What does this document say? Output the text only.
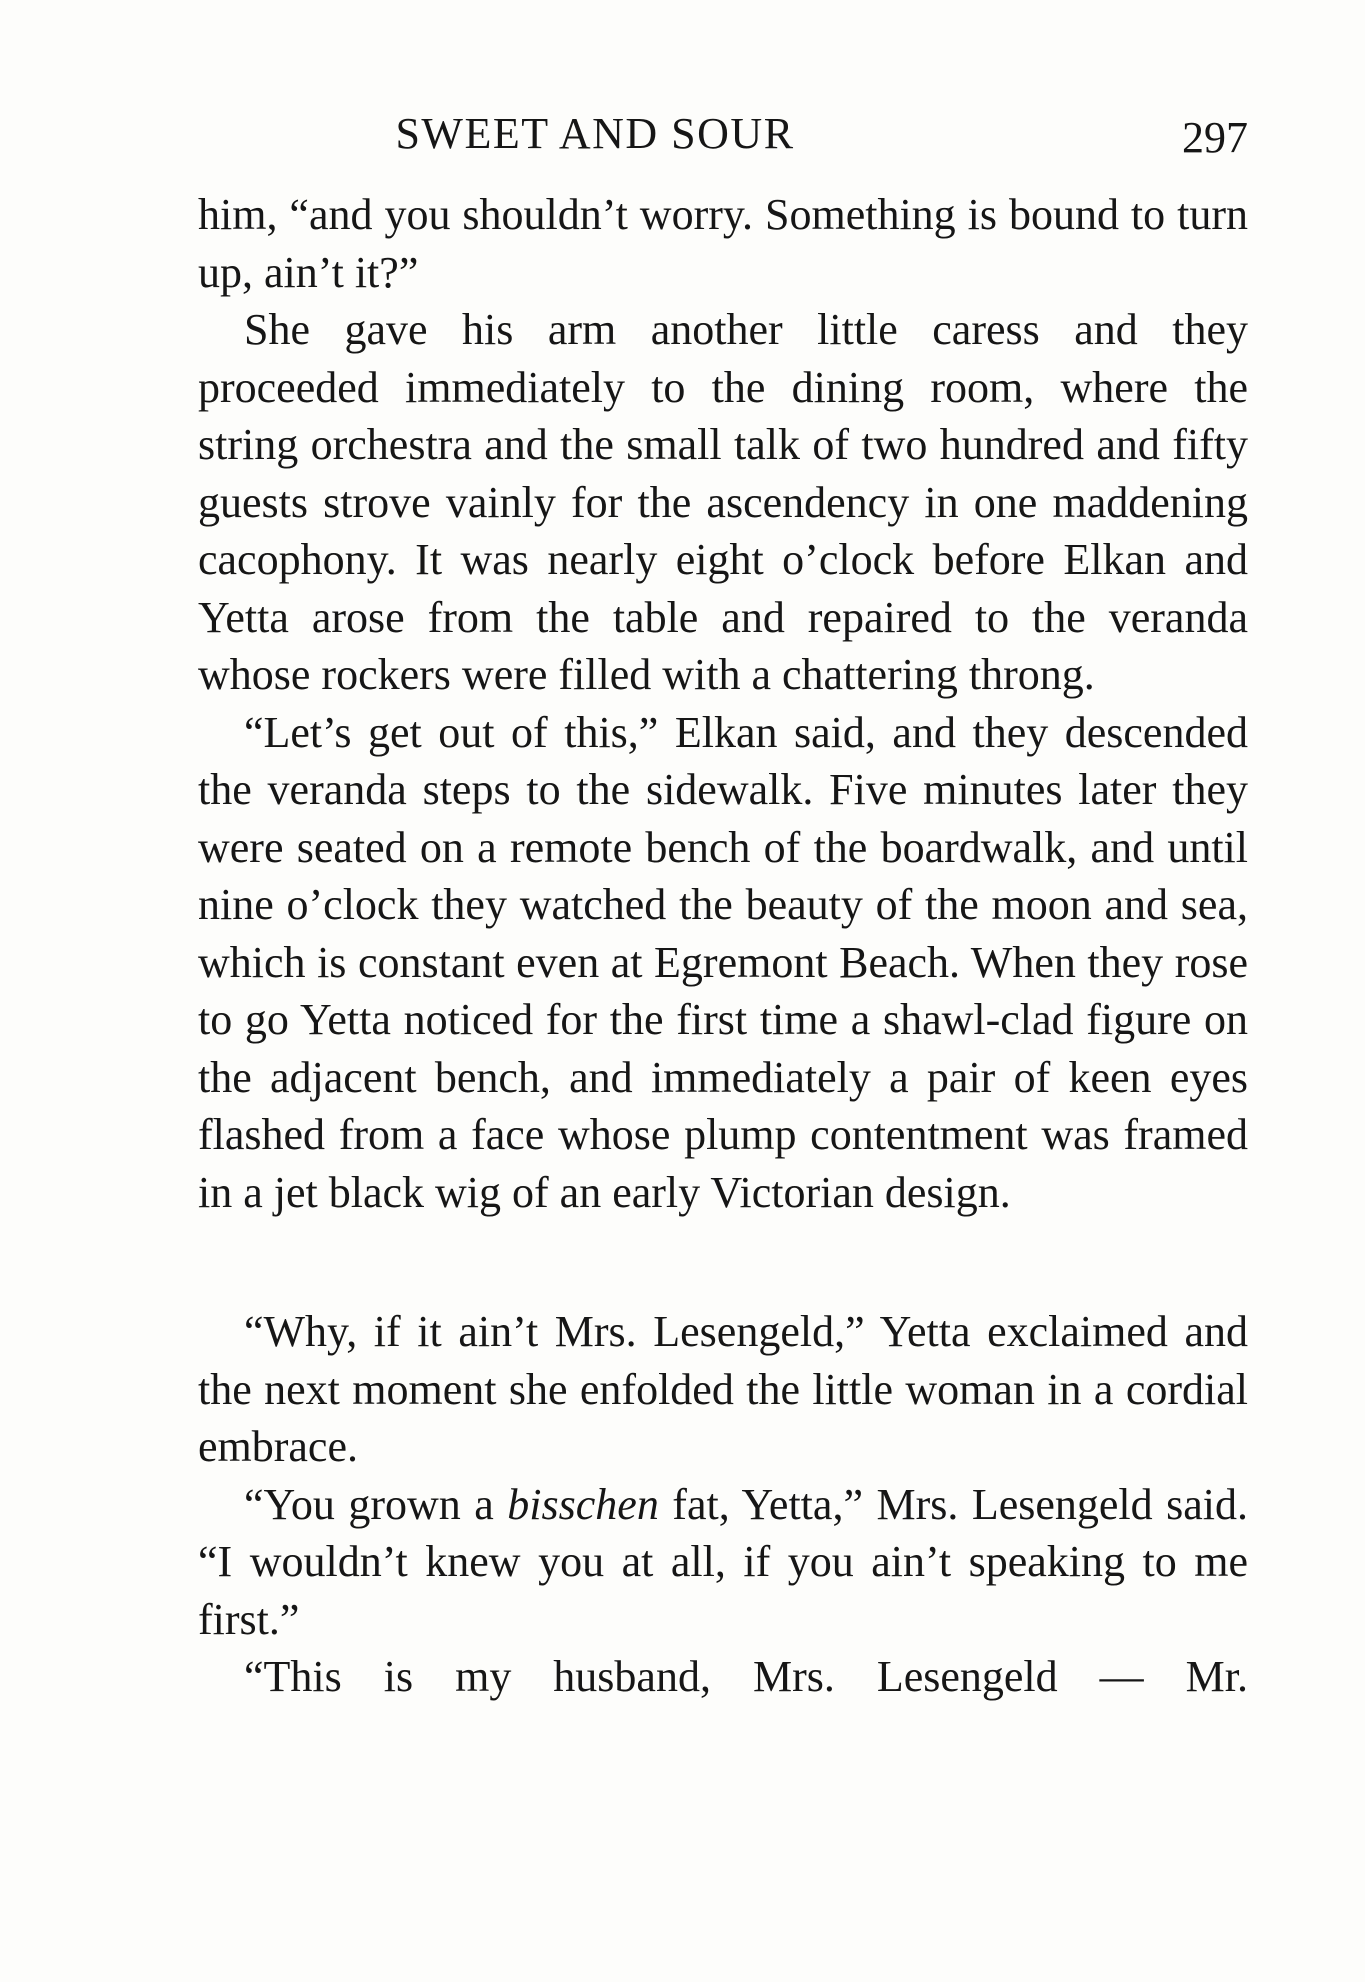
SWEET AND SOUR	297

him, “and you shouldn’t worry. Something is bound to turn up, ain’t it?”

She gave his arm another little caress and they proceeded immediately to the dining room, where the string orchestra and the small talk of two hundred and fifty guests strove vainly for the ascendency in one maddening cacophony. It was nearly eight o’clock before Elkan and Yetta arose from the table and repaired to the veranda whose rockers were filled with a chattering throng.

“Let’s get out of this,” Elkan said, and they descended the veranda steps to the sidewalk. Five minutes later they were seated on a remote bench of the boardwalk, and until nine o’clock they watched the beauty of the moon and sea, which is constant even at Egremont Beach. When they rose to go Yetta noticed for the first time a shawl-clad figure on the adjacent bench, and immediately a pair of keen eyes flashed from a face whose plump contentment was framed in a jet black wig of an early Victorian design.

“Why, if it ain’t Mrs. Lesengeld,” Yetta exclaimed and the next moment she enfolded the little woman in a cordial embrace.

“You grown a bisschen fat, Yetta,” Mrs. Lesengeld said. “I wouldn’t knew you at all, if you ain’t speaking to me first.”

“This is my husband, Mrs. Lesengeld — Mr.
